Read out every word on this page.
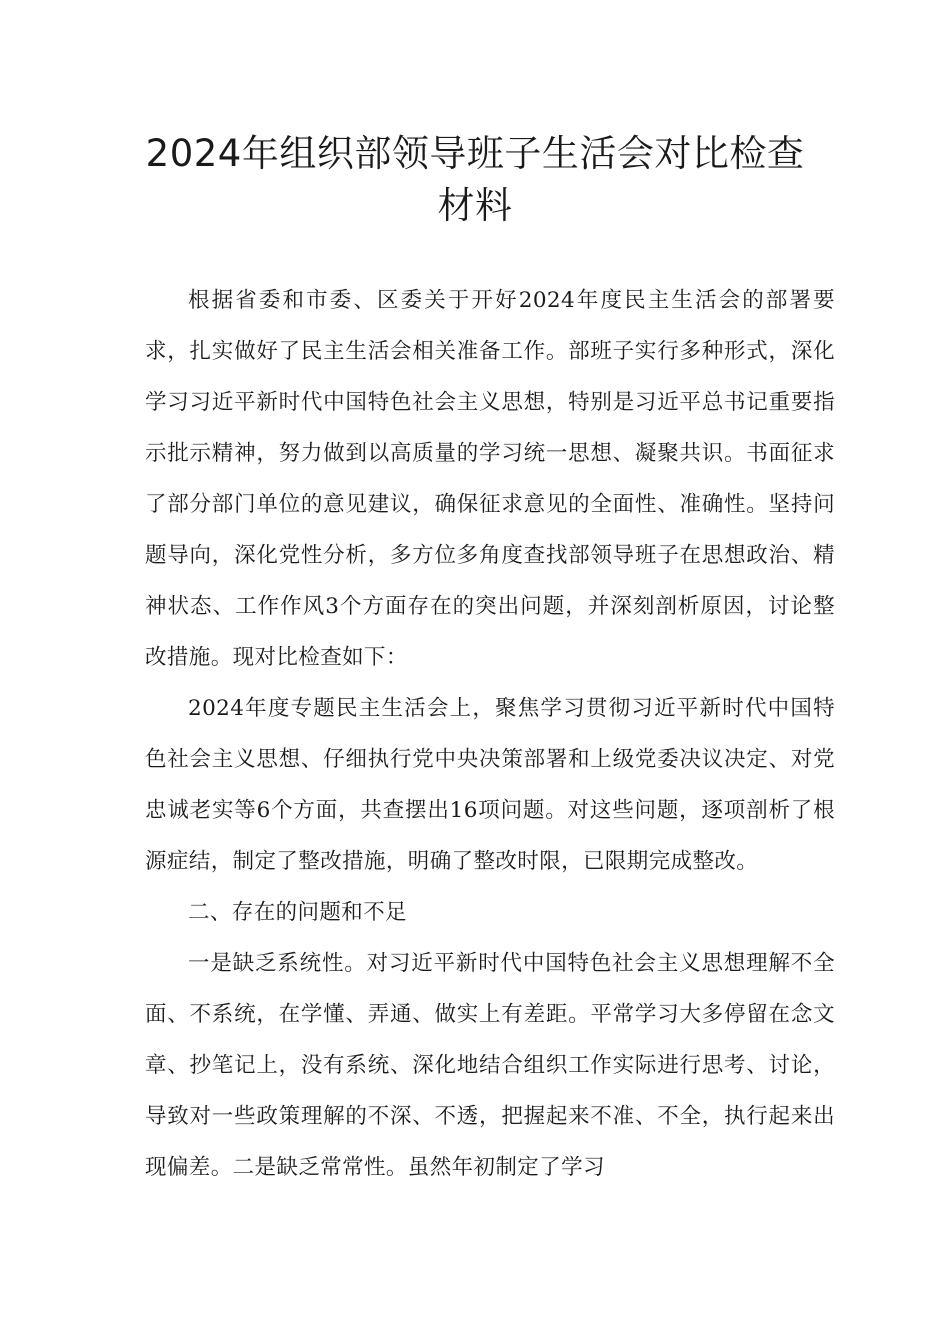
2024年组织部领导班子生活会对比检查
材料

根据省委和市委、区委关于开好2024年度民主生活会的部署要求，扎实做好了民主生活会相关准备工作。部班子实行多种形式，深化学习习近平新时代中国特色社会主义思想，特别是习近平总书记重要指示批示精神，努力做到以高质量的学习统一思想、凝聚共识。书面征求了部分部门单位的意见建议，确保征求意见的全面性、准确性。坚持问题导向，深化党性分析，多方位多角度查找部领导班子在思想政治、精神状态、工作作风3个方面存在的突出问题，并深刻剖析原因，讨论整改措施。现对比检查如下：

2024年度专题民主生活会上，聚焦学习贯彻习近平新时代中国特色社会主义思想、仔细执行党中央决策部署和上级党委决议决定、对党忠诚老实等6个方面，共查摆出16项问题。对这些问题，逐项剖析了根源症结，制定了整改措施，明确了整改时限，已限期完成整改。

二、存在的问题和不足

一是缺乏系统性。对习近平新时代中国特色社会主义思想理解不全面、不系统，在学懂、弄通、做实上有差距。平常学习大多停留在念文章、抄笔记上，没有系统、深化地结合组织工作实际进行思考、讨论，导致对一些政策理解的不深、不透，把握起来不准、不全，执行起来出现偏差。二是缺乏常常性。虽然年初制定了学习
